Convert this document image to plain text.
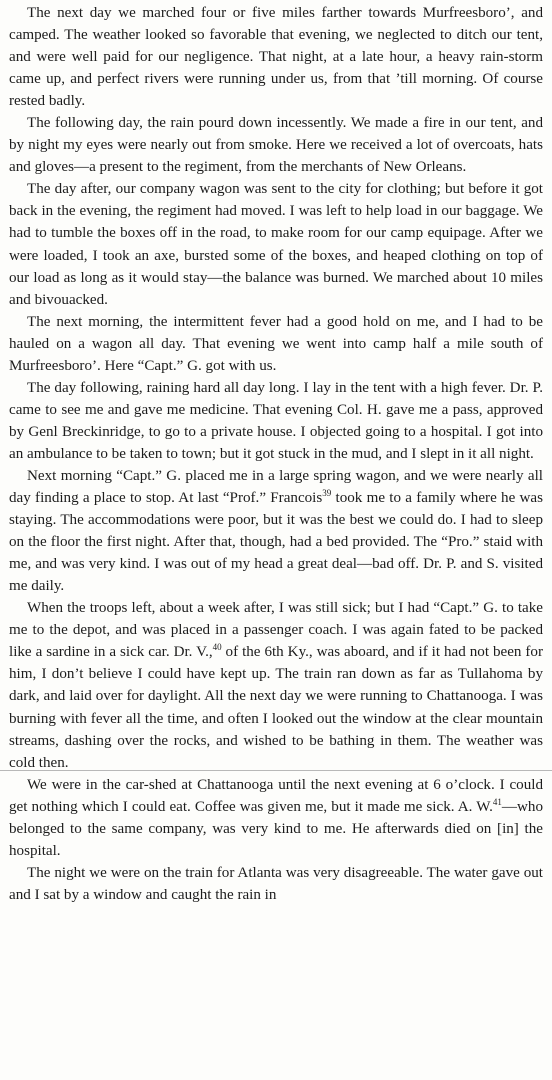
The next day we marched four or five miles farther towards Murfreesboro’, and camped. The weather looked so favorable that evening, we neglected to ditch our tent, and were well paid for our negligence. That night, at a late hour, a heavy rain-storm came up, and perfect rivers were running under us, from that ’till morning. Of course rested badly.

The following day, the rain pourd down incessently. We made a fire in our tent, and by night my eyes were nearly out from smoke. Here we received a lot of overcoats, hats and gloves—a present to the regiment, from the merchants of New Orleans.

The day after, our company wagon was sent to the city for clothing; but before it got back in the evening, the regiment had moved. I was left to help load in our baggage. We had to tumble the boxes off in the road, to make room for our camp equipage. After we were loaded, I took an axe, bursted some of the boxes, and heaped clothing on top of our load as long as it would stay—the balance was burned. We marched about 10 miles and bivouacked.

The next morning, the intermittent fever had a good hold on me, and I had to be hauled on a wagon all day. That evening we went into camp half a mile south of Murfreesboro’. Here “Capt.” G. got with us.

The day following, raining hard all day long. I lay in the tent with a high fever. Dr. P. came to see me and gave me medicine. That evening Col. H. gave me a pass, approved by Genl Breckinridge, to go to a private house. I objected going to a hospital. I got into an ambulance to be taken to town; but it got stuck in the mud, and I slept in it all night.

Next morning “Capt.” G. placed me in a large spring wagon, and we were nearly all day finding a place to stop. At last “Prof.” Francois$^{39}$ took me to a family where he was staying. The accommodations were poor, but it was the best we could do. I had to sleep on the floor the first night. After that, though, had a bed provided. The “Pro.” staid with me, and was very kind. I was out of my head a great deal—bad off. Dr. P. and S. visited me daily.

When the troops left, about a week after, I was still sick; but I had “Capt.” G. to take me to the depot, and was placed in a passenger coach. I was again fated to be packed like a sardine in a sick car. Dr. V.,$^{40}$ of the 6th Ky., was aboard, and if it had not been for him, I don’t believe I could have kept up. The train ran down as far as Tullahoma by dark, and laid over for daylight. All the next day we were running to Chattanooga. I was burning with fever all the time, and often I looked out the window at the clear mountain streams, dashing over the rocks, and wished to be bathing in them. The weather was cold then.

We were in the car-shed at Chattanooga until the next evening at 6 o’clock. I could get nothing which I could eat. Coffee was given me, but it made me sick. A. W.$^{41}$—who belonged to the same company, was very kind to me. He afterwards died on [in] the hospital.

The night we were on the train for Atlanta was very disagreeable. The water gave out and I sat by a window and caught the rain in
